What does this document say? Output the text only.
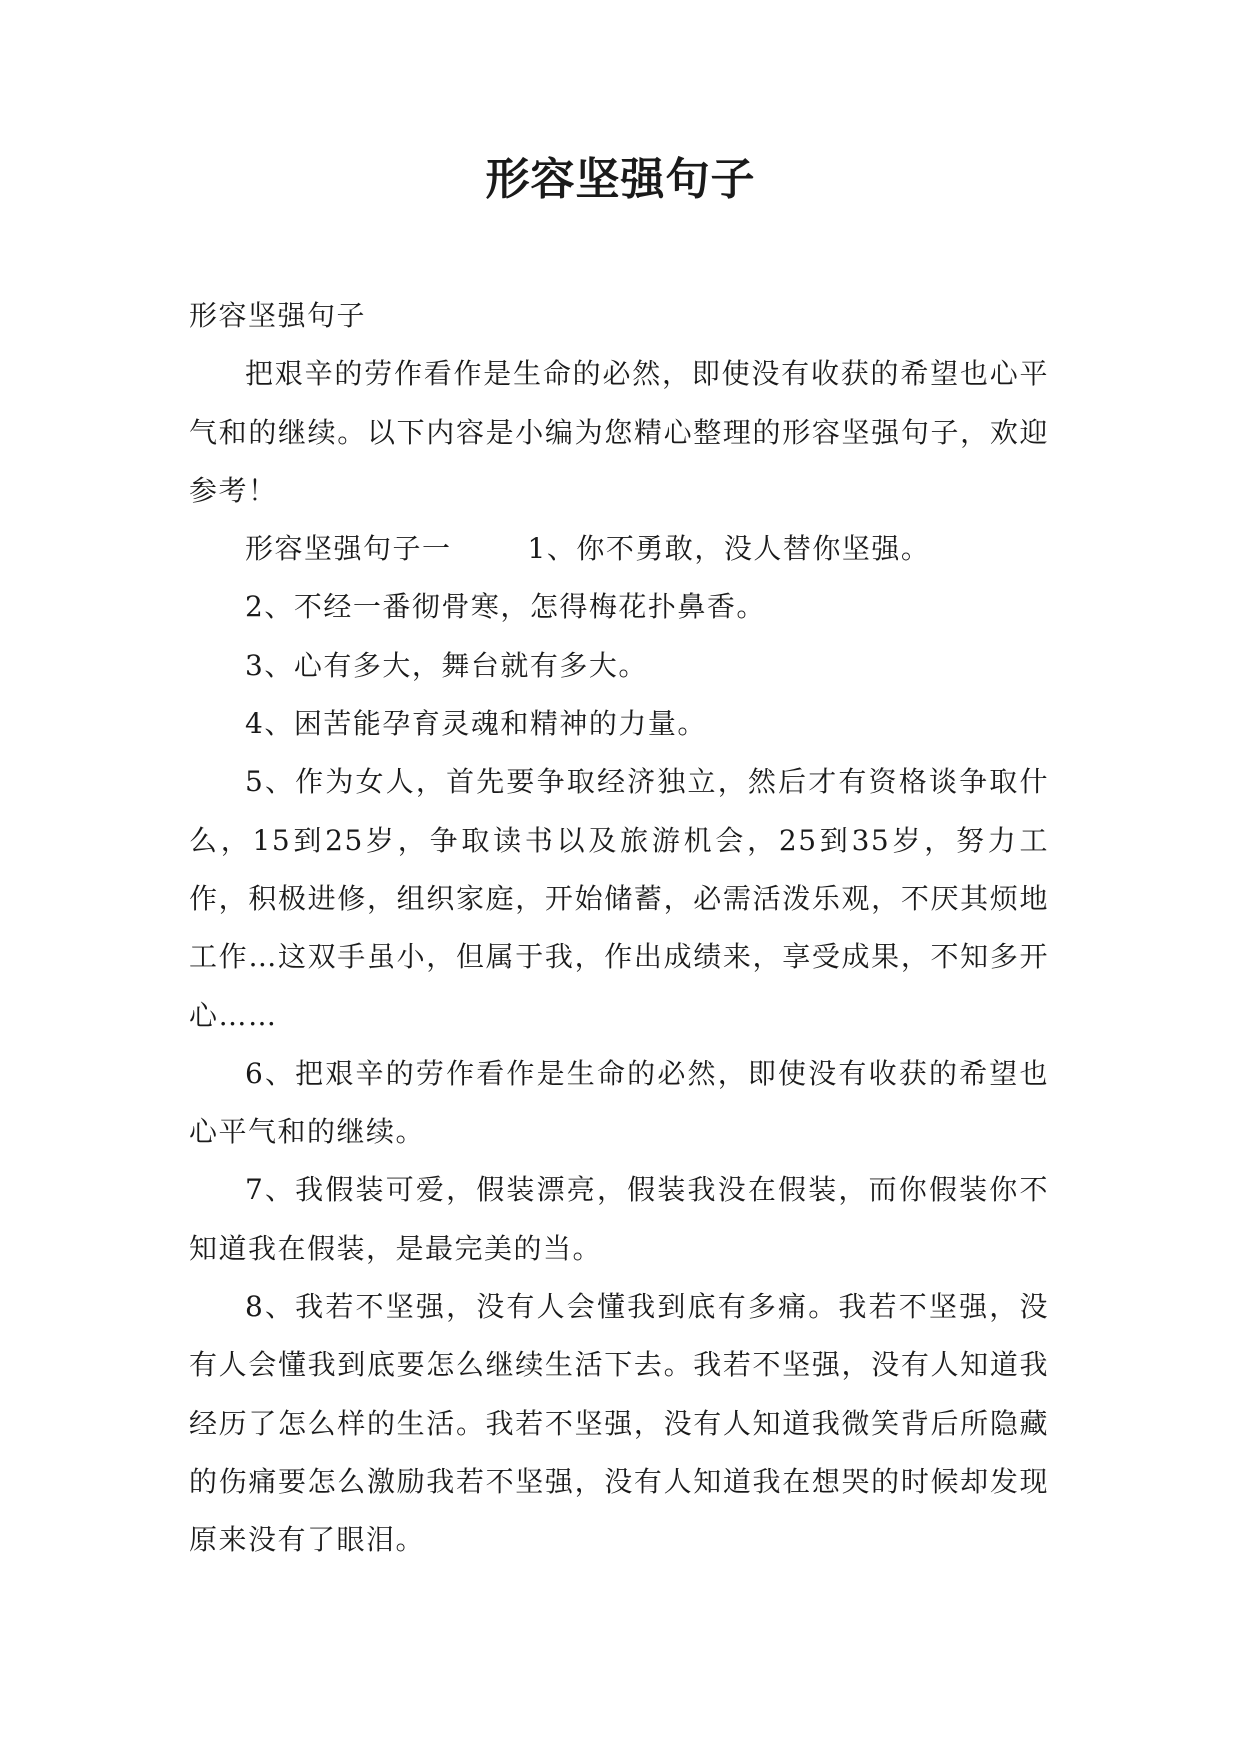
形容坚强句子

形容坚强句子

把艰辛的劳作看作是生命的必然，即使没有收获的希望也心平气和的继续。以下内容是小编为您精心整理的形容坚强句子，欢迎参考！

形容坚强句子一	1、你不勇敢，没人替你坚强。

2、不经一番彻骨寒，怎得梅花扑鼻香。

3、心有多大，舞台就有多大。

4、困苦能孕育灵魂和精神的力量。

5、作为女人，首先要争取经济独立，然后才有资格谈争取什么，15到25岁，争取读书以及旅游机会，25到35岁，努力工作，积极进修，组织家庭，开始储蓄，必需活泼乐观，不厌其烦地工作…这双手虽小，但属于我，作出成绩来，享受成果，不知多开心……

6、把艰辛的劳作看作是生命的必然，即使没有收获的希望也心平气和的继续。

7、我假装可爱，假装漂亮，假装我没在假装，而你假装你不知道我在假装，是最完美的当。

8、我若不坚强，没有人会懂我到底有多痛。我若不坚强，没有人会懂我到底要怎么继续生活下去。我若不坚强，没有人知道我经历了怎么样的生活。我若不坚强，没有人知道我微笑背后所隐藏的伤痛要怎么激励我若不坚强，没有人知道我在想哭的时候却发现原来没有了眼泪。
